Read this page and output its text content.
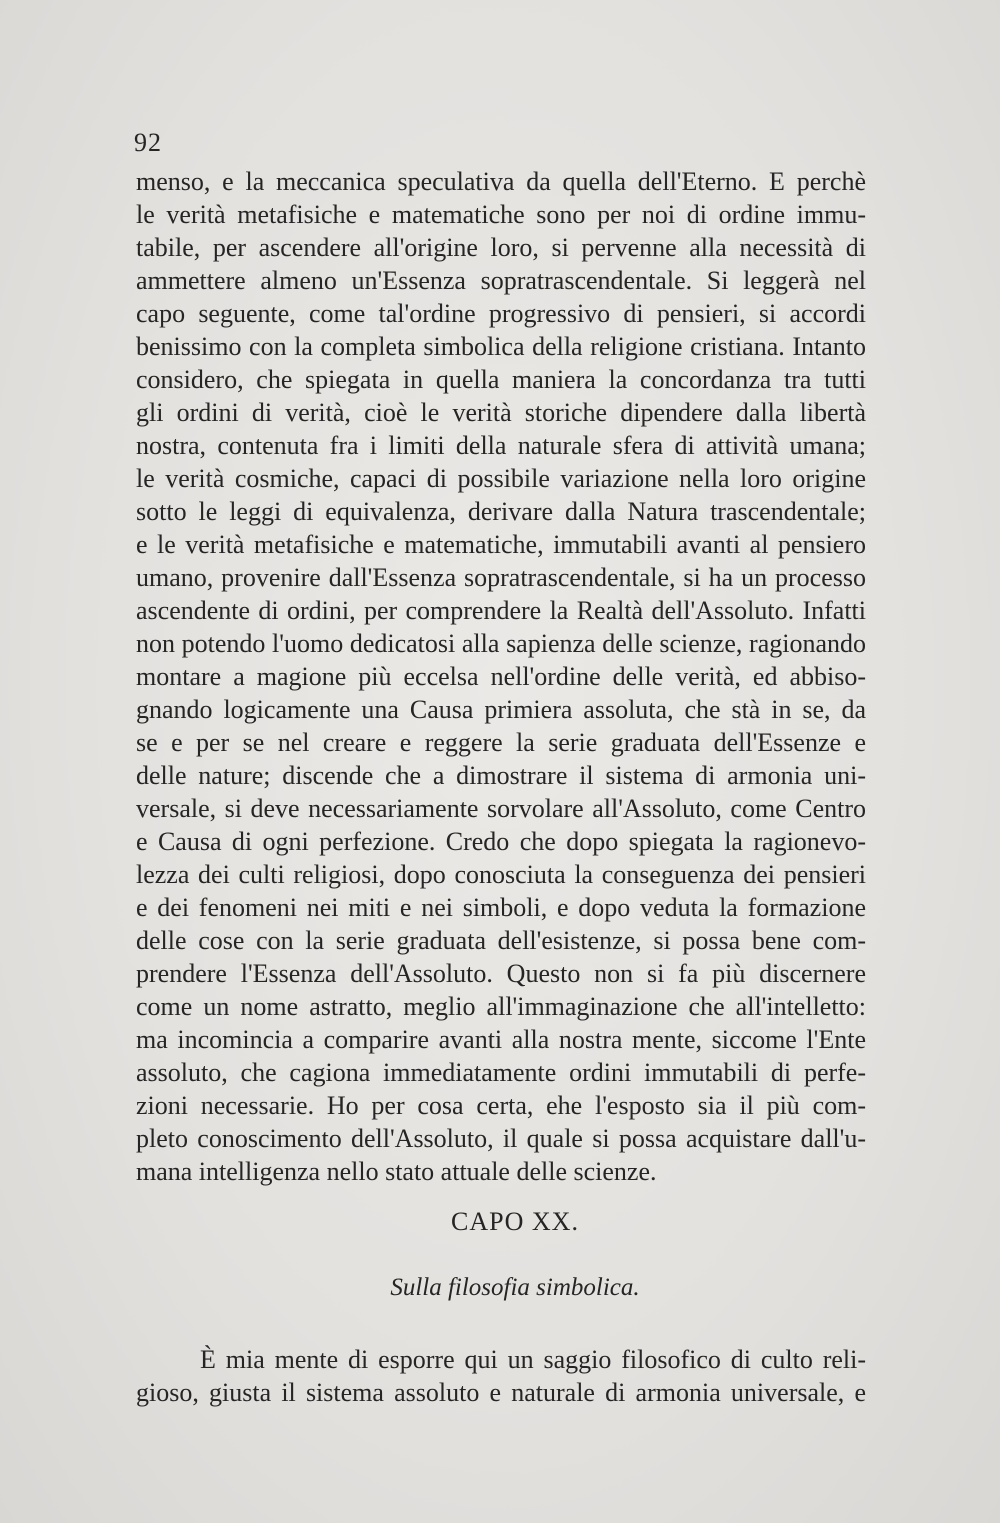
92
menso, e la meccanica speculativa da quella dell'Eterno. E perchè
le verità metafisiche e matematiche sono per noi di ordine immu-
tabile, per ascendere all'origine loro, si pervenne alla necessità di
ammettere almeno un'Essenza sopratrascendentale. Si leggerà nel
capo seguente, come tal'ordine progressivo di pensieri, si accordi
benissimo con la completa simbolica della religione cristiana. Intanto
considero, che spiegata in quella maniera la concordanza tra tutti
gli ordini di verità, cioè le verità storiche dipendere dalla libertà
nostra, contenuta fra i limiti della naturale sfera di attività umana;
le verità cosmiche, capaci di possibile variazione nella loro origine
sotto le leggi di equivalenza, derivare dalla Natura trascendentale;
e le verità metafisiche e matematiche, immutabili avanti al pensiero
umano, provenire dall'Essenza sopratrascendentale, si ha un processo
ascendente di ordini, per comprendere la Realtà dell'Assoluto. Infatti
non potendo l'uomo dedicatosi alla sapienza delle scienze, ragionando
montare a magione più eccelsa nell'ordine delle verità, ed abbiso-
gnando logicamente una Causa primiera assoluta, che stà in se, da
se e per se nel creare e reggere la serie graduata dell'Essenze e
delle nature; discende che a dimostrare il sistema di armonia uni-
versale, si deve necessariamente sorvolare all'Assoluto, come Centro
e Causa di ogni perfezione. Credo che dopo spiegata la ragionevo-
lezza dei culti religiosi, dopo conosciuta la conseguenza dei pensieri
e dei fenomeni nei miti e nei simboli, e dopo veduta la formazione
delle cose con la serie graduata dell'esistenze, si possa bene com-
prendere l'Essenza dell'Assoluto. Questo non si fa più discernere
come un nome astratto, meglio all'immaginazione che all'intelletto:
ma incomincia a comparire avanti alla nostra mente, siccome l'Ente
assoluto, che cagiona immediatamente ordini immutabili di perfe-
zioni necessarie. Ho per cosa certa, ehe l'esposto sia il più com-
pleto conoscimento dell'Assoluto, il quale si possa acquistare dall'u-
mana intelligenza nello stato attuale delle scienze.
CAPO XX.
Sulla filosofia simbolica.
È mia mente di esporre qui un saggio filosofico di culto reli-
gioso, giusta il sistema assoluto e naturale di armonia universale, e
